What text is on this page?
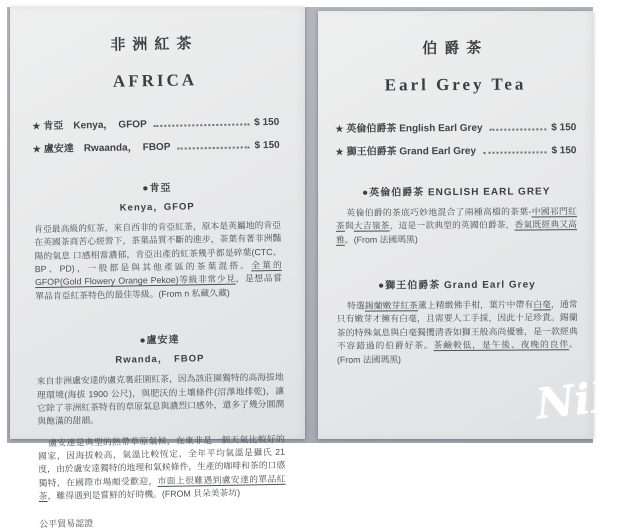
非洲紅茶
AFRICA
★ 肯亞　Kenya，　GFOP	$ 150
★ 盧安達　Rwaanda，　FBOP	$ 150
●肯亞
Kenya，GFOP
肯亞最高級的紅茶，來自西非的肯亞紅茶，原本是英屬地的肯亞 在英國茶商苦心經營下，茶葉品質不斷的進步，茶葉有著非洲豔陽的氣息 口感相當濃郁，肯亞出產的紅茶幾乎都是碎葉(CTC、BP、PD)，一般都是與其他產區的茶葉混搭。全葉的GFOP(Gold Flowery Orange Pekoe)等級非常少見，是想品嘗單品肯亞紅茶特色的最佳等級。(From n 私藏久藏)
●盧安達
Rwanda，　FBOP
來自非洲盧安達的盧克裏莊園紅茶，因為該莊園獨特的高海拔地理環境(海拔 1900 公尺)，與肥沃的土壤條件(沼澤地排乾)，讓它除了非洲紅茶特有的草原氣息與濃烈口感外，還多了幾分圓潤與飽滿的甜韻。
盧安達是典型的熱帶草原氣候，在東非是一個天氣比較好的國家，因海拔較高，氣溫比較恆定，全年平均氣溫是攝氏 21 度，由於盧安達獨特的地理和氣候條件，生產的咖啡和茶的口感獨特，在國際市場頗受歡迎，市面上很難遇到盧安達的單品紅茶，難得遇到是嘗鮮的好時機。(FROM 貝朵美茶坊)
公平貿易認證
伯爵茶
Earl Grey Tea
★ 英倫伯爵茶 English Earl Grey	$ 150
★ 獅王伯爵茶 Grand Earl Grey	$ 150
●英倫伯爵茶 ENGLISH EARL GREY
英倫伯爵的茶底巧妙地混合了兩種高檔的茶葉-中國祁門紅茶與大吉嶺茶，這是一款典型的英國伯爵茶，香氣既經典又高雅。(From 法國瑪黑)
●獅王伯爵茶 Grand Earl Grey
特選錫蘭嫩芽紅茶薰上精緻佛手柑，葉片中帶有白毫，通常只有嫩芽才擁有白毫，且需要人工手採，因此十足珍貴。錫蘭茶的特殊氣息與白毫獨攬清香如獅王般高尚優雅，是一款經典不容錯過的伯爵好茶。茶鹼較低，是午後、夜晚的良伴。(From 法國瑪黑)
NiB
